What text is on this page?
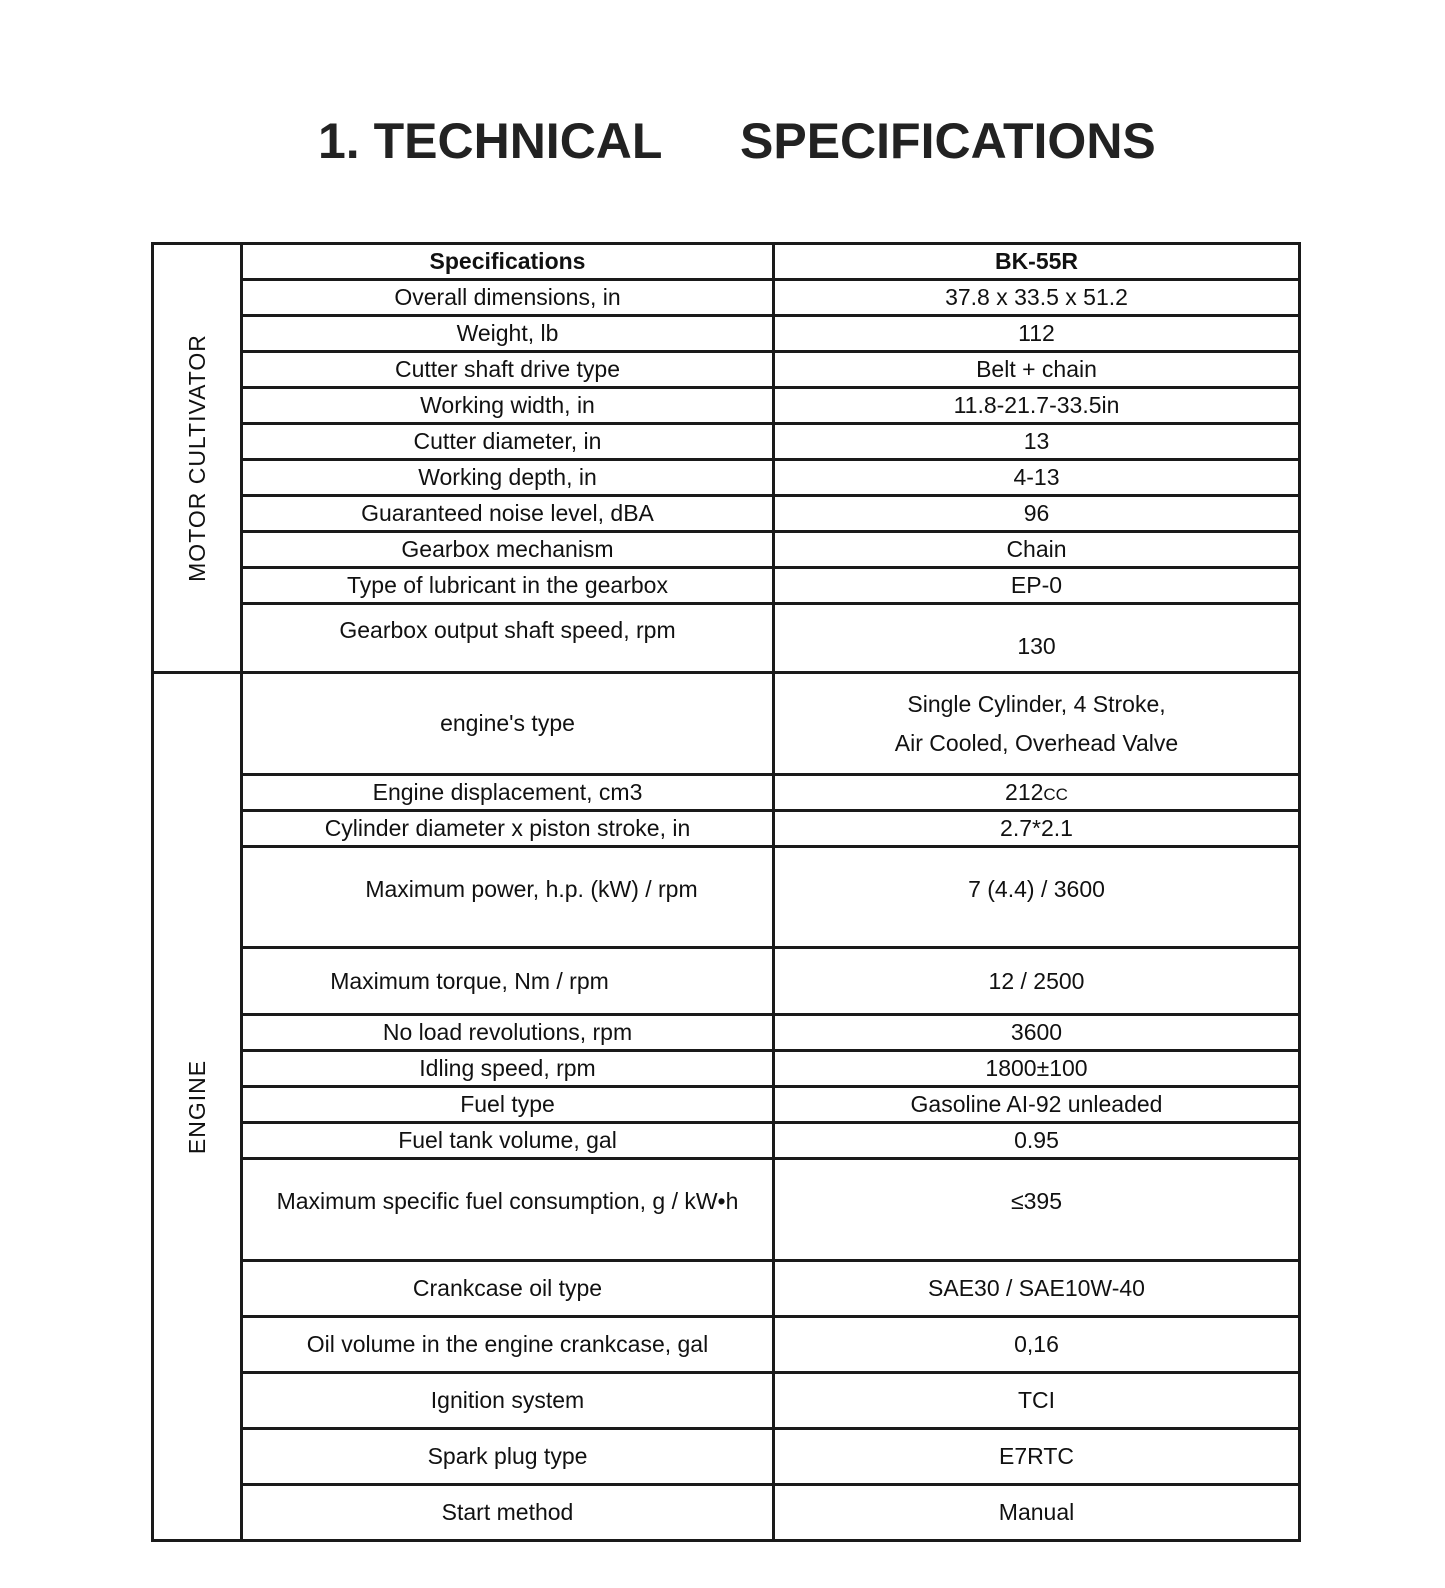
1. TECHNICAL SPECIFICATIONS
MOTOR CULTIVATOR	Specifications	BK-55R
	Overall dimensions, in	37.8 x 33.5 x 51.2
	Weight, lb	112
	Cutter shaft drive type	Belt + chain
	Working width, in	11.8-21.7-33.5in
	Cutter diameter, in	13
	Working depth, in	4-13
	Guaranteed noise level, dBA	96
	Gearbox mechanism	Chain
	Type of lubricant in the gearbox	EP-0
	Gearbox output shaft speed, rpm	130

ENGINE	engine's type	Single Cylinder, 4 Stroke,
Air Cooled, Overhead Valve

	Engine displacement, cm3	212CC
	Cylinder diameter x piston stroke, in	2.7*2.1
	Maximum power, h.p. (kW) / rpm	7 (4.4) / 3600
	Maximum torque, Nm / rpm	12 / 2500
	No load revolutions, rpm	3600
	Idling speed, rpm	1800±100
	Fuel type	Gasoline AI-92 unleaded
	Fuel tank volume, gal	0.95
	Maximum specific fuel consumption, g / kW•h	≤395
	Crankcase oil type	SAE30 / SAE10W-40
	Oil volume in the engine crankcase, gal	0,16
	Ignition system	TCI
	Spark plug type	E7RTC
	Start method	Manual
